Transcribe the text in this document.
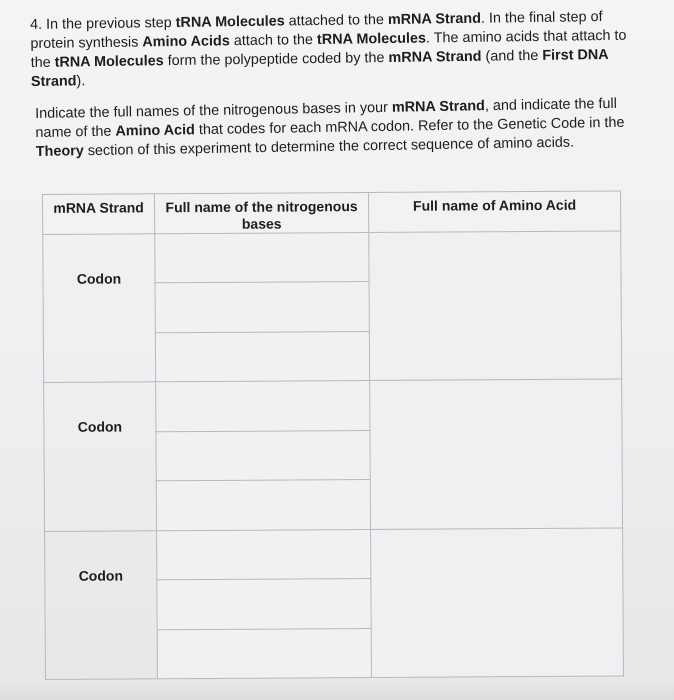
4. In the previous step tRNA Molecules attached to the mRNA Strand. In the final step of protein synthesis Amino Acids attach to the tRNA Molecules. The amino acids that attach to the tRNA Molecules form the polypeptide coded by the mRNA Strand (and the First DNA Strand).

Indicate the full names of the nitrogenous bases in your mRNA Strand, and indicate the full name of the Amino Acid that codes for each mRNA codon. Refer to the Genetic Code in the Theory section of this experiment to determine the correct sequence of amino acids.

mRNA Strand	Full name of the nitrogenous bases	Full name of Amino Acid
Codon		

Codon		

Codon		
